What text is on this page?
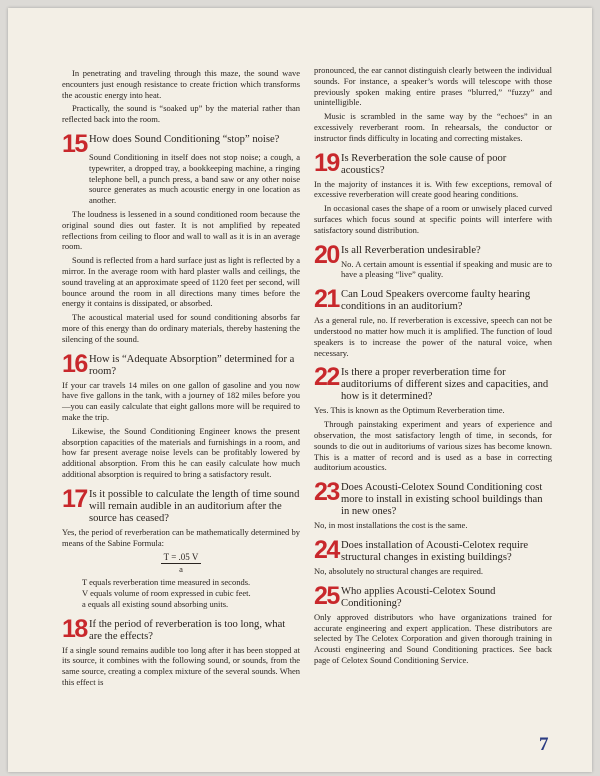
In penetrating and traveling through this maze, the sound wave encounters just enough resistance to create friction which transforms the acoustic energy into heat.

Practically, the sound is “soaked up” by the material rather than reflected back into the room.

15 How does Sound Conditioning “stop” noise?

Sound Conditioning in itself does not stop noise; a cough, a typewriter, a dropped tray, a bookkeeping machine, a ringing telephone bell, a punch press, a band saw or any other noise source generates as much acoustic energy in one location as another.

The loudness is lessened in a sound conditioned room because the original sound dies out faster. It is not amplified by repeated reflections from ceiling to floor and wall to wall as it is in an average room.

Sound is reflected from a hard surface just as light is reflected by a mirror. In the average room with hard plaster walls and ceilings, the sound traveling at an approximate speed of 1120 feet per second, will bounce around the room in all directions many times before the energy it contains is dissipated, or absorbed.

The acoustical material used for sound conditioning absorbs far more of this energy than do ordinary materials, thereby hastening the silencing of the sound.

16 How is “Adequate Absorption” determined for a room?

If your car travels 14 miles on one gallon of gasoline and you now have five gallons in the tank, with a journey of 182 miles before you—you can easily calculate that eight gallons more will be required to make the trip.

Likewise, the Sound Conditioning Engineer knows the present absorption capacities of the materials and furnishings in a room, and how far present average noise levels can be profitably lowered by additional absorption. From this he can easily calculate how much additional absorption is required to bring a satisfactory result.

17 Is it possible to calculate the length of time sound will remain audible in an auditorium after the source has ceased?

Yes, the period of reverberation can be mathematically determined by means of the Sabine Formula:

T = .05 V
a

T equals reverberation time measured in seconds.

V equals volume of room expressed in cubic feet.

a equals all existing sound absorbing units.

18 If the period of reverberation is too long, what are the effects?

If a single sound remains audible too long after it has been stopped at its source, it combines with the following sound, or sounds, from the same source, creating a complex mixture of the several sounds. When this effect is

pronounced, the ear cannot distinguish clearly between the individual sounds. For instance, a speaker’s words will telescope with those previously spoken making entire prases “blurred,” “fuzzy” and unintelligible.

Music is scrambled in the same way by the “echoes” in an excessively reverberant room. In rehearsals, the conductor or instructor finds difficulty in locating and correcting mistakes.

19 Is Reverberation the sole cause of poor acoustics?

In the majority of instances it is. With few exceptions, removal of excessive reverberation will create good hearing conditions.

In occasional cases the shape of a room or unwisely placed curved surfaces which focus sound at specific points will interfere with satisfactory sound distribution.

20 Is all Reverberation undesirable?

No. A certain amount is essential if speaking and music are to have a pleasing “live” quality.

21 Can Loud Speakers overcome faulty hearing conditions in an auditorium?

As a general rule, no. If reverberation is excessive, speech can not be understood no matter how much it is amplified. The function of loud speakers is to increase the power of the natural voice, when necessary.

22 Is there a proper reverberation time for auditoriums of different sizes and capacities, and how is it determined?

Yes. This is known as the Optimum Reverberation time.

Through painstaking experiment and years of experience and observation, the most satisfactory length of time, in seconds, for sounds to die out in auditoriums of various sizes has become known. This is a matter of record and is used as a base in correcting auditorium acoustics.

23 Does Acousti-Celotex Sound Conditioning cost more to install in existing school buildings than in new ones?

No, in most installations the cost is the same.

24 Does installation of Acousti-Celotex require structural changes in existing buildings?

No, absolutely no structural changes are required.

25 Who applies Acousti-Celotex Sound Conditioning?

Only approved distributors who have organizations trained for accurate engineering and expert application. These distributors are selected by The Celotex Corporation and given thorough training in Acousti engineering and Sound Conditioning practices. See back page of Celotex Sound Conditioning Service.

7
